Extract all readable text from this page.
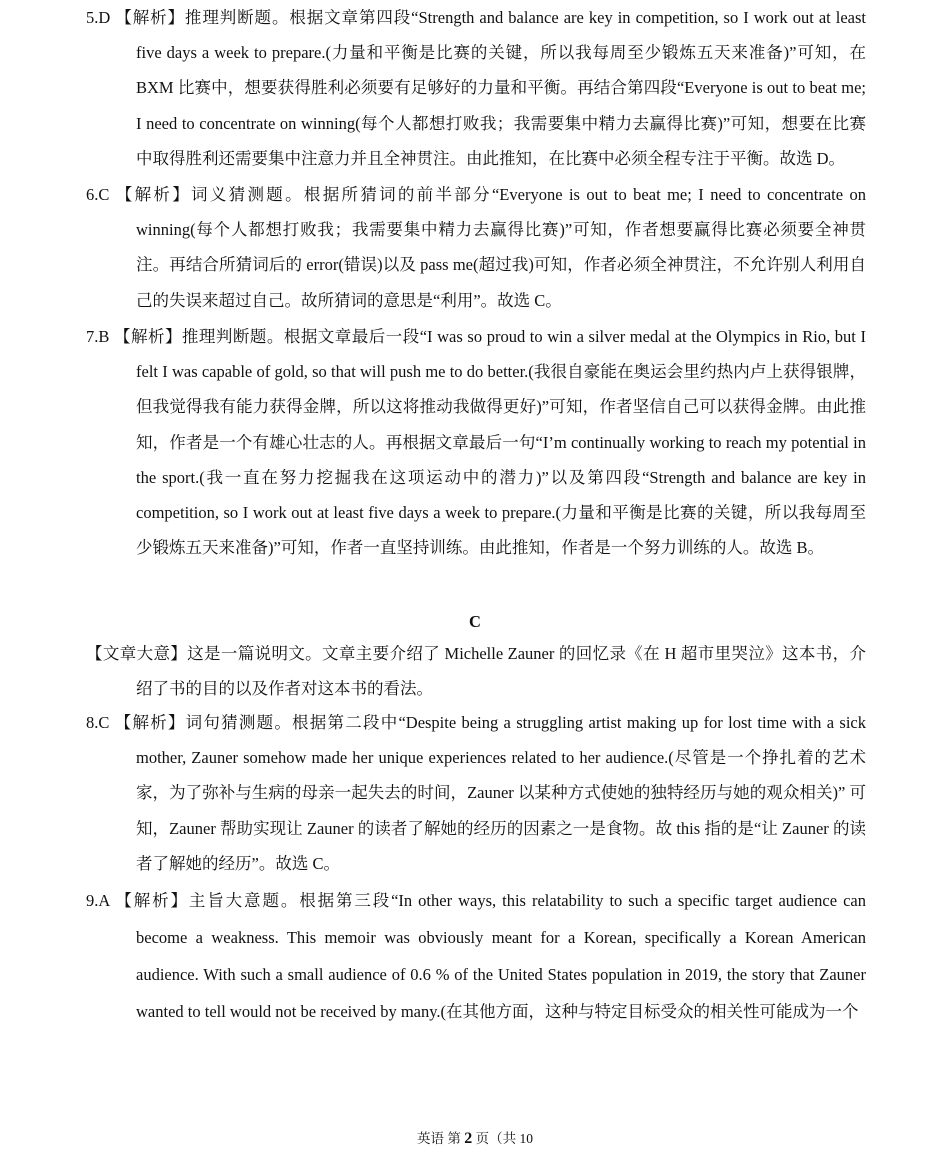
5.D 【解析】推理判断题。根据文章第四段“Strength and balance are key in competition, so I work out at least five days a week to prepare.(力量和平衡是比赛的关键，所以我每周至少锻炼五天来准备)”可知，在 BXM 比赛中，想要获得胜利必须要有足够好的力量和平衡。再结合第四段“Everyone is out to beat me; I need to concentrate on winning(每个人都想打败我；我需要集中精力去赢得比赛)”可知，想要在比赛中取得胜利还需要集中注意力并且全神贯注。由此推知，在比赛中必须全程专注于平衡。故选 D。
6.C 【解析】词义猜测题。根据所猜词的前半部分“Everyone is out to beat me; I need to concentrate on winning(每个人都想打败我；我需要集中精力去赢得比赛)”可知，作者想要赢得比赛必须要全神贯注。再结合所猜词后的 error(错误)以及 pass me(超过我)可知，作者必须全神贯注，不允许别人利用自己的失误来超过自己。故所猜词的意思是“利用”。故选 C。
7.B 【解析】推理判断题。根据文章最后一段“I was so proud to win a silver medal at the Olympics in Rio, but I felt I was capable of gold, so that will push me to do better.(我很自豪能在奥运会里约热内卢上获得银牌，但我觉得我有能力获得金牌，所以这将推动我做得更好)”可知，作者坚信自己可以获得金牌。由此推知，作者是一个有雄心壮志的人。再根据文章最后一句“I’m continually working to reach my potential in the sport.(我一直在努力挖掘我在这项运动中的潜力)”以及第四段“Strength and balance are key in competition, so I work out at least five days a week to prepare.(力量和平衡是比赛的关键，所以我每周至少锻炼五天来准备)”可知，作者一直坚持训练。由此推知，作者是一个努力训练的人。故选 B。
C
【文章大意】这是一篇说明文。文章主要介绍了 Michelle Zauner 的回忆录《在 H 超市里哭泣》这本书，介绍了书的目的以及作者对这本书的看法。
8.C 【解析】词句猜测题。根据第二段中“Despite being a struggling artist making up for lost time with a sick mother, Zauner somehow made her unique experiences related to her audience.(尽管是一个挣扎着的艺术家，为了弥补与生病的母亲一起失去的时间，Zauner 以某种方式使她的独特经历与她的观众相关)” 可知，Zauner 帮助实现让 Zauner 的读者了解她的经历的因素之一是食物。故 this 指的是“让 Zauner 的读者了解她的经历”。故选 C。
9.A 【解析】主旨大意题。根据第三段“In other ways, this relatability to such a specific target audience can become a weakness. This memoir was obviously meant for a Korean, specifically a Korean American audience. With such a small audience of 0.6 % of the United States population in 2019, the story that Zauner wanted to tell would not be received by many.(在其他方面，这种与特定目标受众的相关性可能成为一个
英语 第 2 页（共 10
